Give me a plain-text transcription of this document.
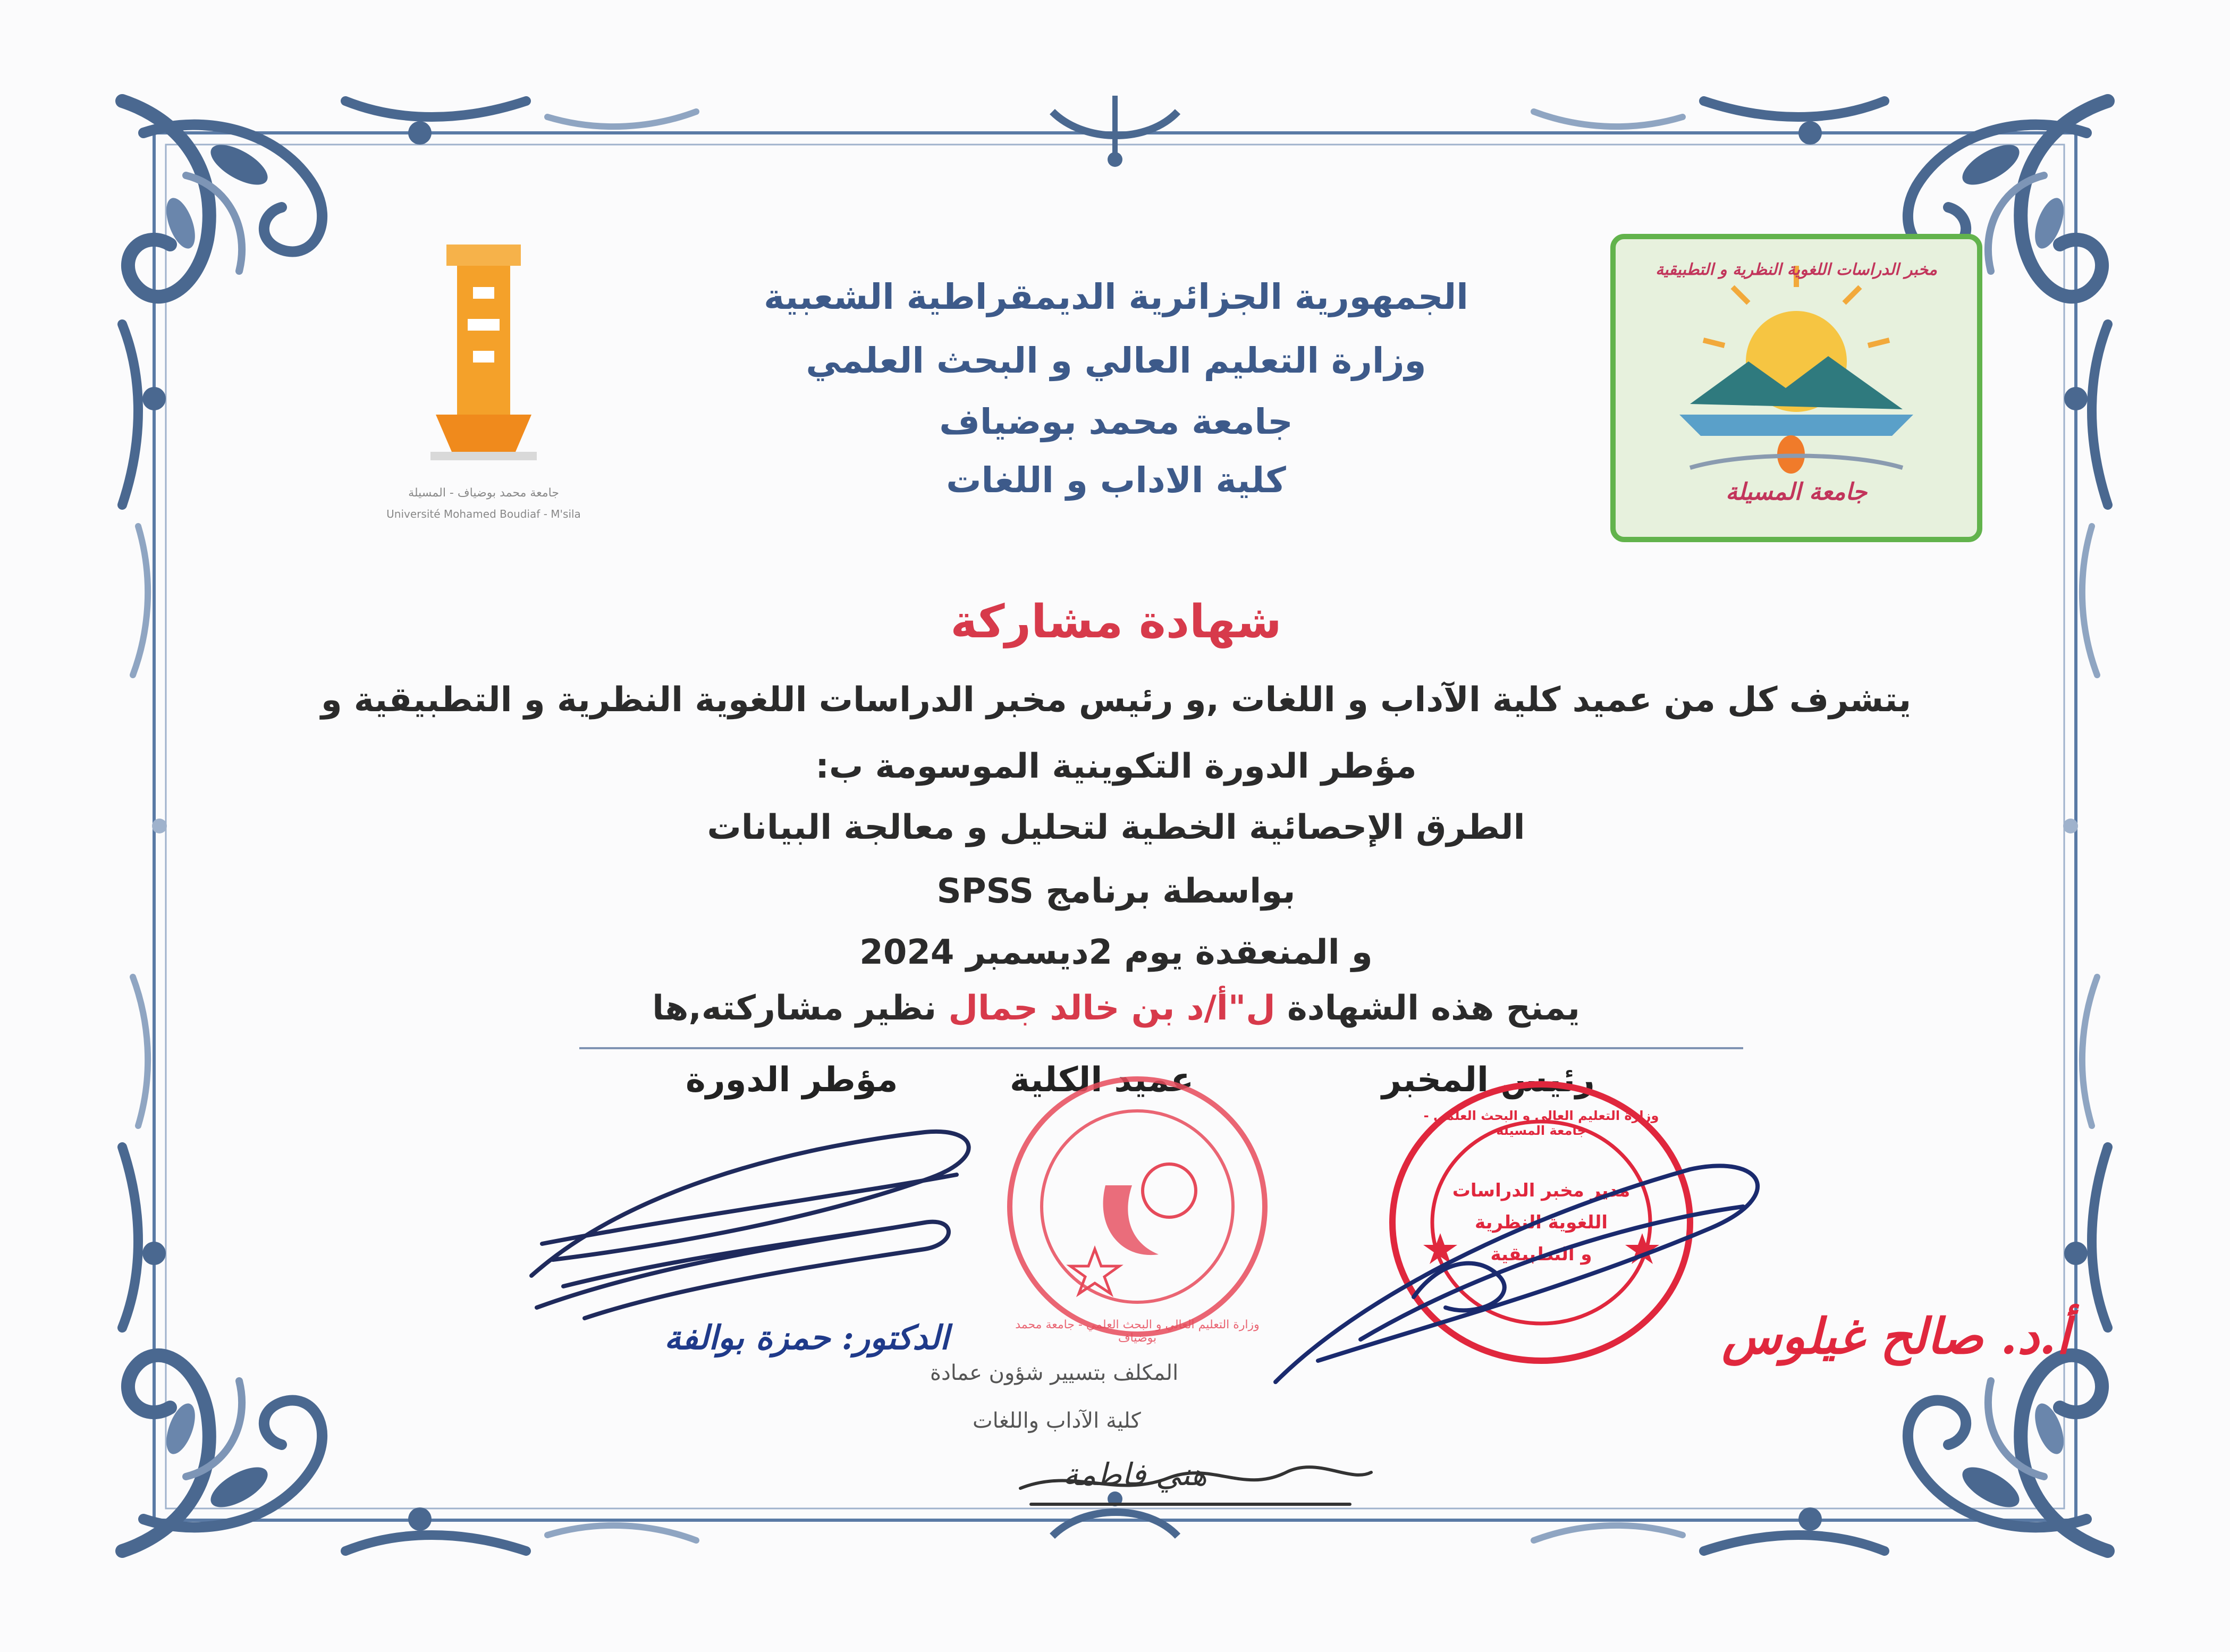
الجمهورية الجزائرية الديمقراطية الشعبية
وزارة التعليم العالي و البحث العلمي
جامعة محمد بوضياف
كلية الاداب و اللغات
جامعة محمد بوضياف - المسيلة
Université Mohamed Boudiaf - M'sila
مخبر الدراسات اللغوية النظرية و التطبيقية
جامعة المسيلة
شهادة مشاركة
يتشرف كل من عميد كلية الآداب و اللغات ,و رئيس مخبر الدراسات اللغوية النظرية و التطبيقية و
مؤطر الدورة التكوينية الموسومة ب:
الطرق الإحصائية الخطية لتحليل و معالجة البيانات
بواسطة برنامج SPSS
و المنعقدة يوم 2ديسمبر 2024
يمنح هذه الشهادة ل"أ/د بن خالد جمال نظير مشاركته,ها
رئيس المخبر
عميد الكلية
مؤطر الدورة
وزارة التعليم العالي و البحث العلمي - جامعة محمد بوضياف
مدير مخبر الدراسات
اللغوية النظرية
و التطبيقية
وزارة التعليم العالي و البحث العلمي - جامعة المسيلة
أ.د. صالح غيلوس
الدكتور: حمزة بوالفة
المكلف بتسيير شؤون عمادة
كلية الآداب واللغات
هني فاطمة
